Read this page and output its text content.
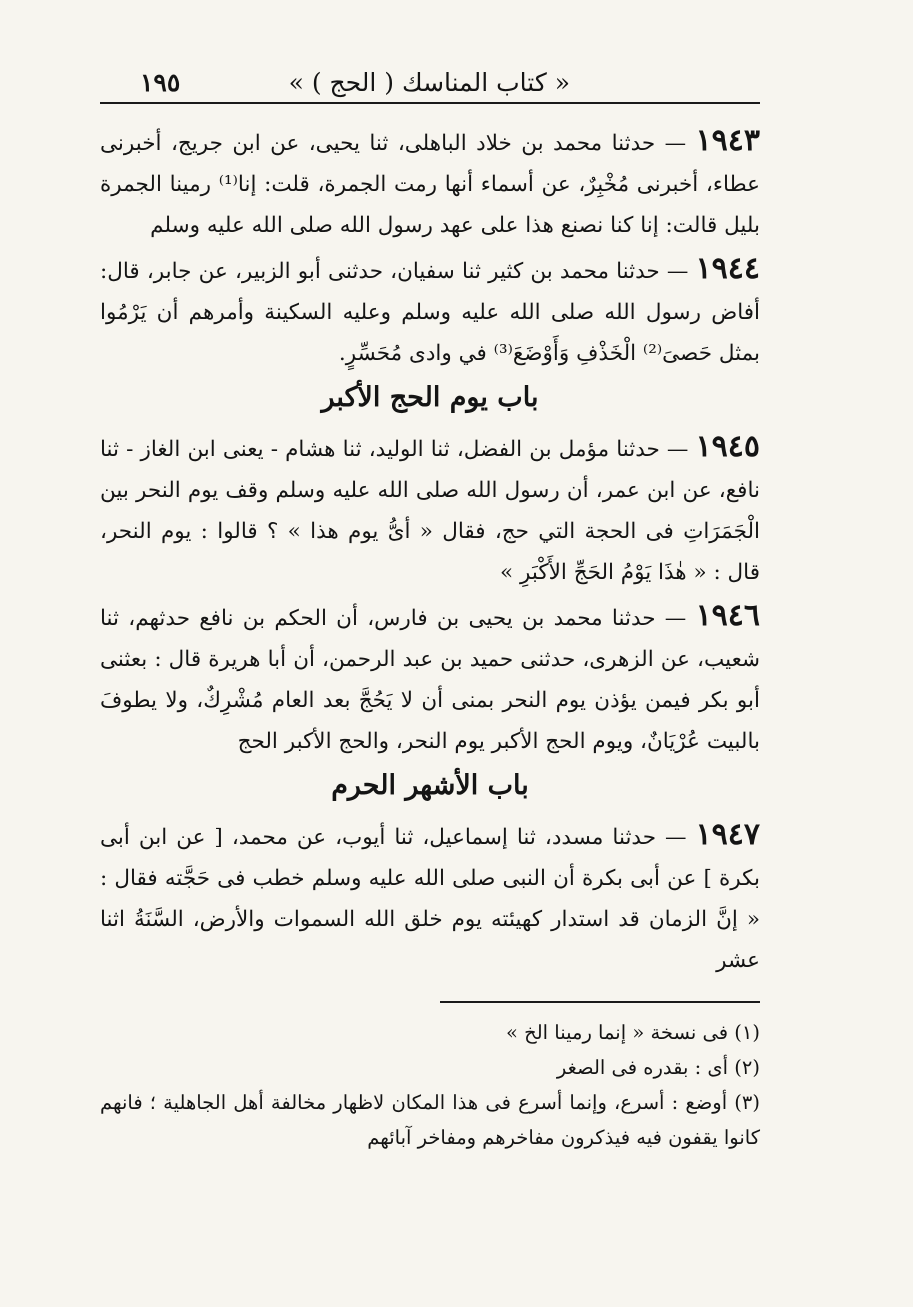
« كتاب المناسك ( الحج ) »
١٩٥

١٩٤٣ — حدثنا محمد بن خلاد الباهلى، ثنا يحيى، عن ابن جريج، أخبرنى عطاء، أخبرنى مُخْبِرٌ، عن أسماء أنها رمت الجمرة، قلت: إنا⁽¹⁾ رمينا الجمرة بليل قالت: إنا كنا نصنع هذا على عهد رسول الله صلى الله عليه وسلم

١٩٤٤ — حدثنا محمد بن كثير ثنا سفيان، حدثنى أبو الزبير، عن جابر، قال: أفاض رسول الله صلى الله عليه وسلم وعليه السكينة وأمرهم أن يَرْمُوا بمثل حَصىَ⁽²⁾ الْخَذْفِ وَأَوْضَعَ⁽³⁾ في وادى مُحَسِّرٍ.

باب يوم الحج الأكبر

١٩٤٥ — حدثنا مؤمل بن الفضل، ثنا الوليد، ثنا هشام - يعنى ابن الغاز - ثنا نافع، عن ابن عمر، أن رسول الله صلى الله عليه وسلم وقف يوم النحر بين الْجَمَرَاتِ فى الحجة التي حج، فقال « أىُّ يوم هذا » ؟ قالوا : يوم النحر، قال : « هٰذَا يَوْمُ الحَجِّ الأَكْبَرِ »

١٩٤٦ — حدثنا محمد بن يحيى بن فارس، أن الحكم بن نافع حدثهم، ثنا شعيب، عن الزهرى، حدثنى حميد بن عبد الرحمن، أن أبا هريرة قال : بعثنى أبو بكر فيمن يؤذن يوم النحر بمنى أن لا يَحُجَّ بعد العام مُشْرِكٌ، ولا يطوفَ بالبيت عُرْيَانٌ، ويوم الحج الأكبر يوم النحر، والحج الأكبر الحج

باب الأشهر الحرم

١٩٤٧ — حدثنا مسدد، ثنا إسماعيل، ثنا أيوب، عن محمد، [ عن ابن أبى بكرة ] عن أبى بكرة أن النبى صلى الله عليه وسلم خطب فى حَجَّته فقال : « إنَّ الزمان قد استدار كهيئته يوم خلق الله السموات والأرض، السَّنَةُ اثنا عشر

(١) فى نسخة « إنما رمينا الخ »

(٢) أى : بقدره فى الصغر

(٣) أوضع : أسرع، وإنما أسرع فى هذا المكان لاظهار مخالفة أهل الجاهلية ؛ فانهم كانوا يقفون فيه فيذكرون مفاخرهم ومفاخر آبائهم
